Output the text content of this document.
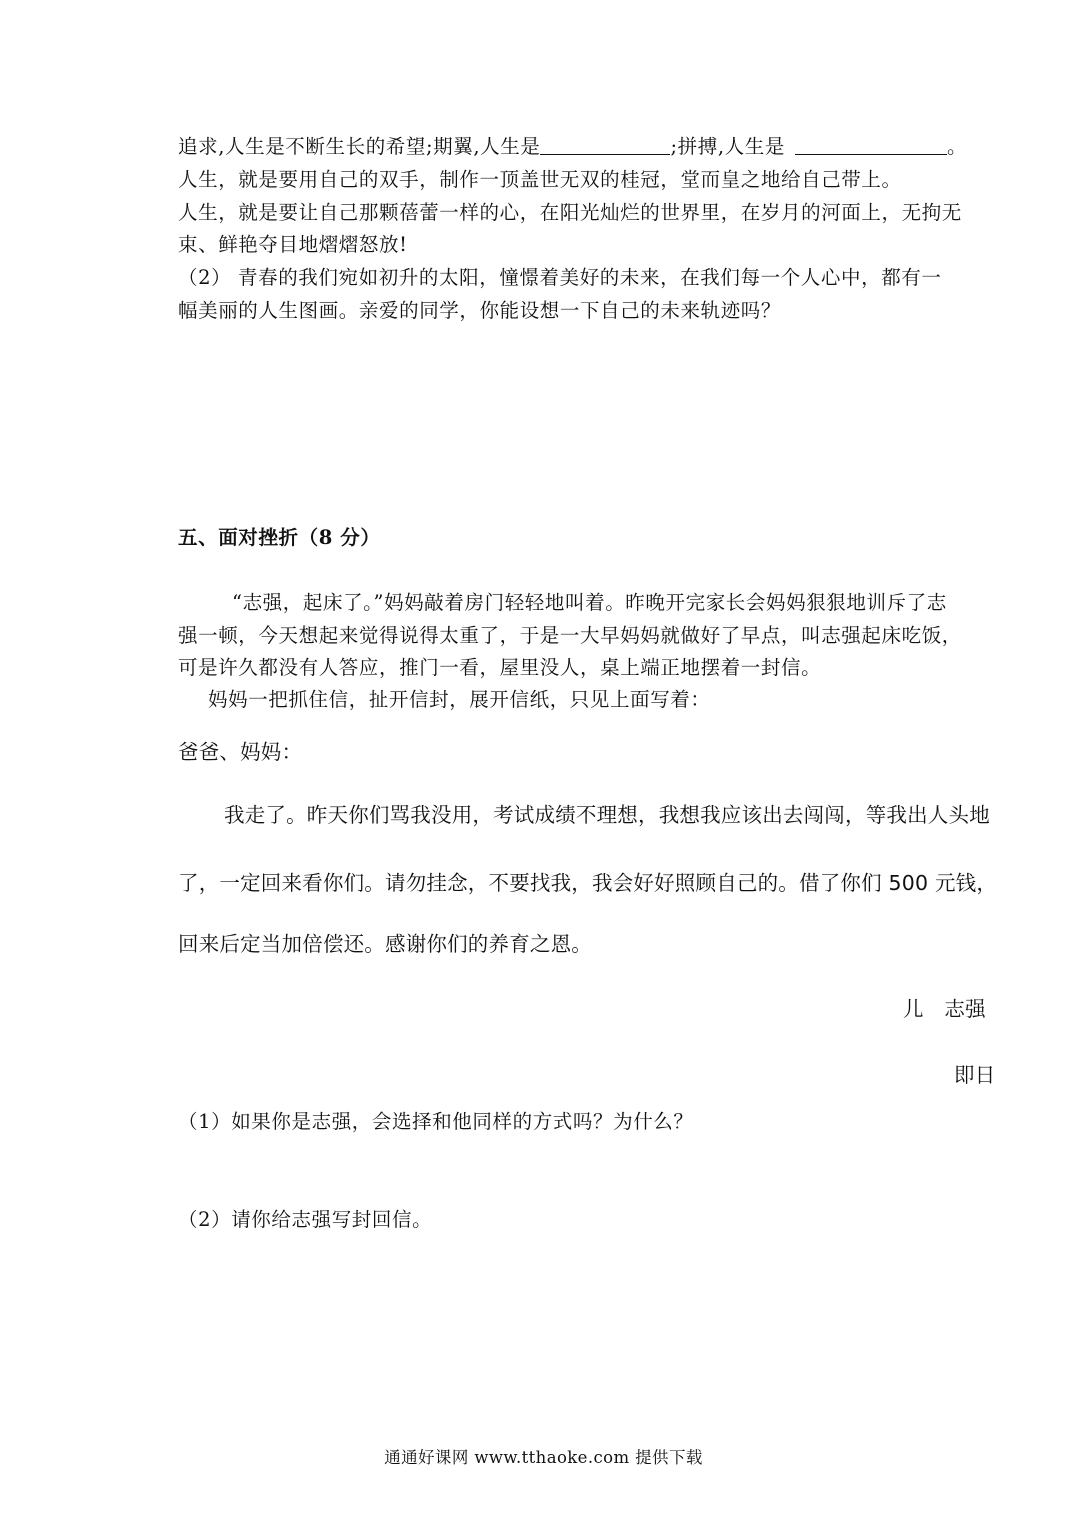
追求,人生是不断生长的希望;期翼,人生是	;拼搏,人生是	。
人生，就是要用自己的双手，制作一顶盖世无双的桂冠，堂而皇之地给自己带上。
人生，就是要让自己那颗蓓蕾一样的心，在阳光灿烂的世界里，在岁月的河面上，无拘无
束、鲜艳夺目地熠熠怒放!
（2） 青春的我们宛如初升的太阳，憧憬着美好的未来，在我们每一个人心中，都有一
幅美丽的人生图画。亲爱的同学，你能设想一下自己的未来轨迹吗？
五、面对挫折（8 分）
“志强，起床了。”妈妈敲着房门轻轻地叫着。昨晚开完家长会妈妈狠狠地训斥了志
强一顿，今天想起来觉得说得太重了，于是一大早妈妈就做好了早点，叫志强起床吃饭，
可是许久都没有人答应，推门一看，屋里没人，桌上端正地摆着一封信。
妈妈一把抓住信，扯开信封，展开信纸，只见上面写着：
爸爸、妈妈：
我走了。昨天你们骂我没用，考试成绩不理想，我想我应该出去闯闯，等我出人头地
了，一定回来看你们。请勿挂念，不要找我，我会好好照顾自己的。借了你们 500 元钱，
回来后定当加倍偿还。感谢你们的养育之恩。
儿　志强
即日
（1）如果你是志强，会选择和他同样的方式吗？为什么？
（2）请你给志强写封回信。
通通好课网 www.tthaoke.com 提供下载
